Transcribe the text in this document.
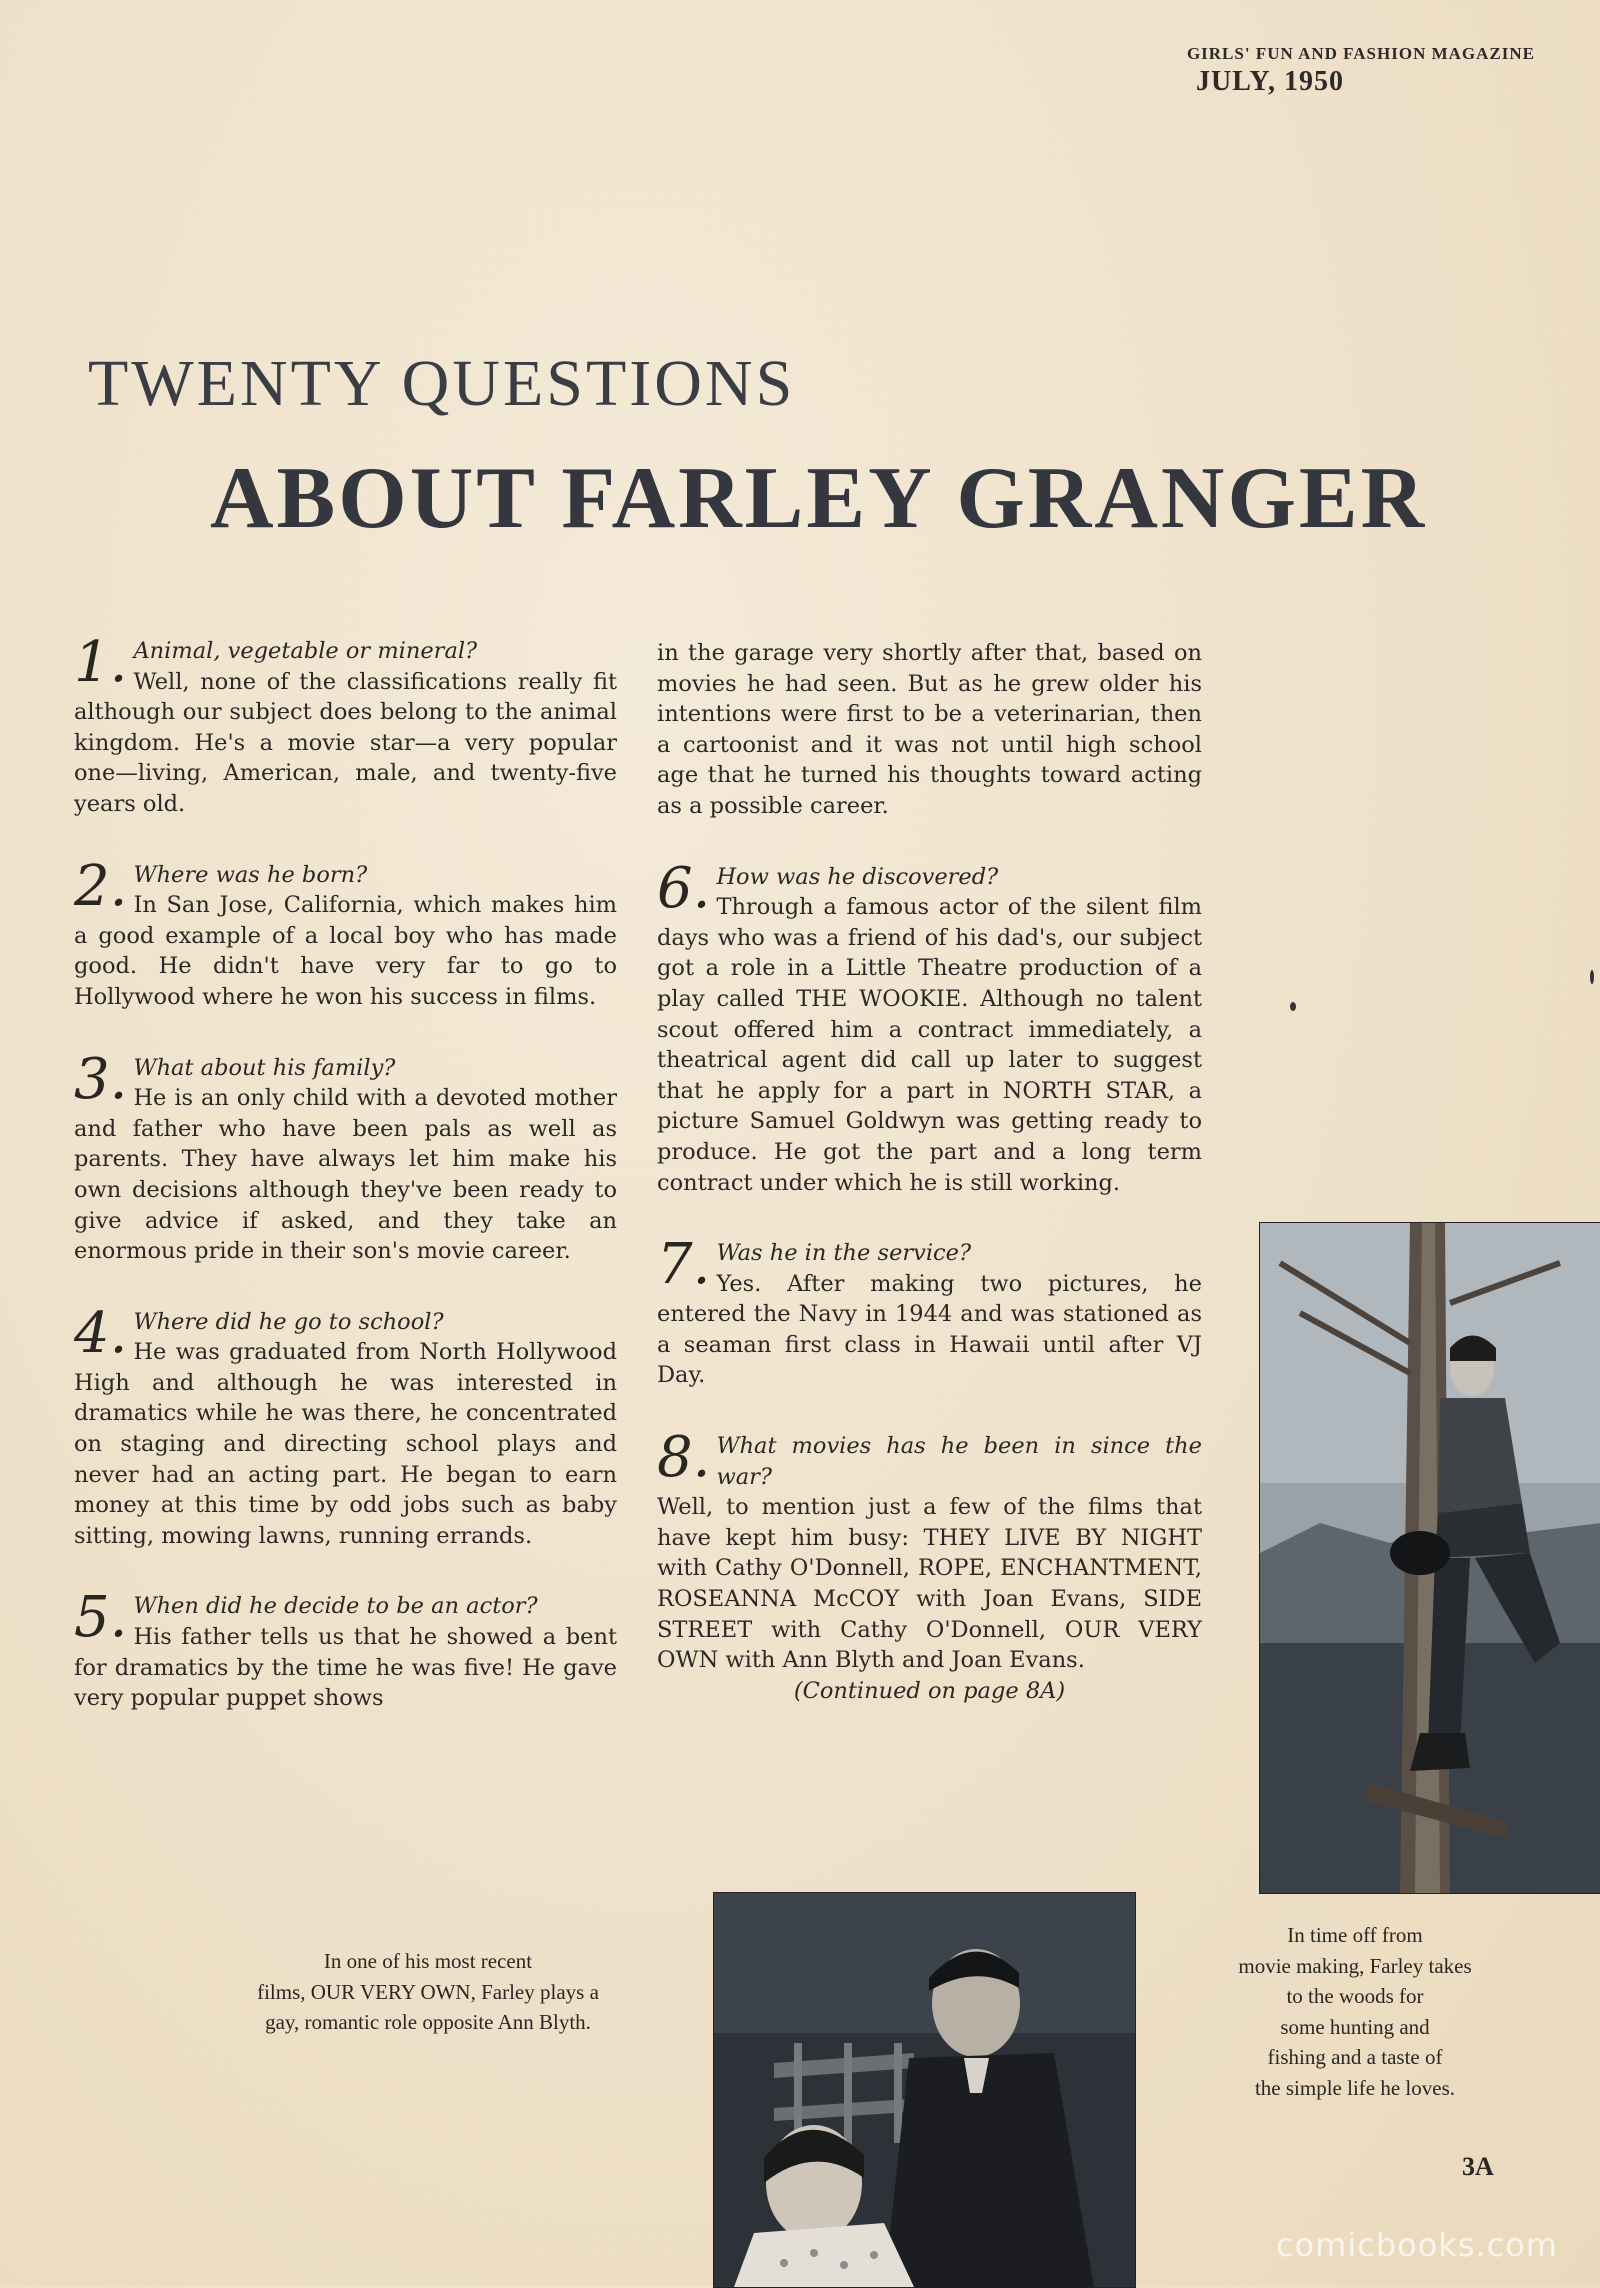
GIRLS' FUN AND FASHION MAGAZINE
JULY, 1950
TWENTY QUESTIONS
ABOUT FARLEY GRANGER
1. Animal, vegetable or mineral?
Well, none of the classifications really fit although our subject does belong to the animal kingdom. He's a movie star—a very popular one—living, American, male, and twenty-five years old.

2. Where was he born?
In San Jose, California, which makes him a good example of a local boy who has made good. He didn't have very far to go to Hollywood where he won his success in films.

3. What about his family?
He is an only child with a devoted mother and father who have been pals as well as parents. They have always let him make his own decisions although they've been ready to give advice if asked, and they take an enormous pride in their son's movie career.

4. Where did he go to school?
He was graduated from North Hollywood High and although he was interested in dramatics while he was there, he concentrated on staging and directing school plays and never had an acting part. He began to earn money at this time by odd jobs such as baby sitting, mowing lawns, running errands.

5. When did he decide to be an actor?
His father tells us that he showed a bent for dramatics by the time he was five! He gave very popular puppet shows

in the garage very shortly after that, based on movies he had seen. But as he grew older his intentions were first to be a veterinarian, then a cartoonist and it was not until high school age that he turned his thoughts toward acting as a possible career.

6. How was he discovered?
Through a famous actor of the silent film days who was a friend of his dad's, our subject got a role in a Little Theatre production of a play called THE WOOKIE. Although no talent scout offered him a contract immediately, a theatrical agent did call up later to suggest that he apply for a part in NORTH STAR, a picture Samuel Goldwyn was getting ready to produce. He got the part and a long term contract under which he is still working.

7. Was he in the service?
Yes. After making two pictures, he entered the Navy in 1944 and was stationed as a seaman first class in Hawaii until after VJ Day.

8. What movies has he been in since the war?
Well, to mention just a few of the films that have kept him busy: THEY LIVE BY NIGHT with Cathy O'Donnell, ROPE, ENCHANTMENT, ROSEANNA McCOY with Joan Evans, SIDE STREET with Cathy O'Donnell, OUR VERY OWN with Ann Blyth and Joan Evans.

(Continued on page 8A)

In one of his most recent
films, OUR VERY OWN, Farley plays a
gay, romantic role opposite Ann Blyth.
In time off from
movie making, Farley takes
to the woods for
some hunting and
fishing and a taste of
the simple life he loves.
3A
comicbooks.com
